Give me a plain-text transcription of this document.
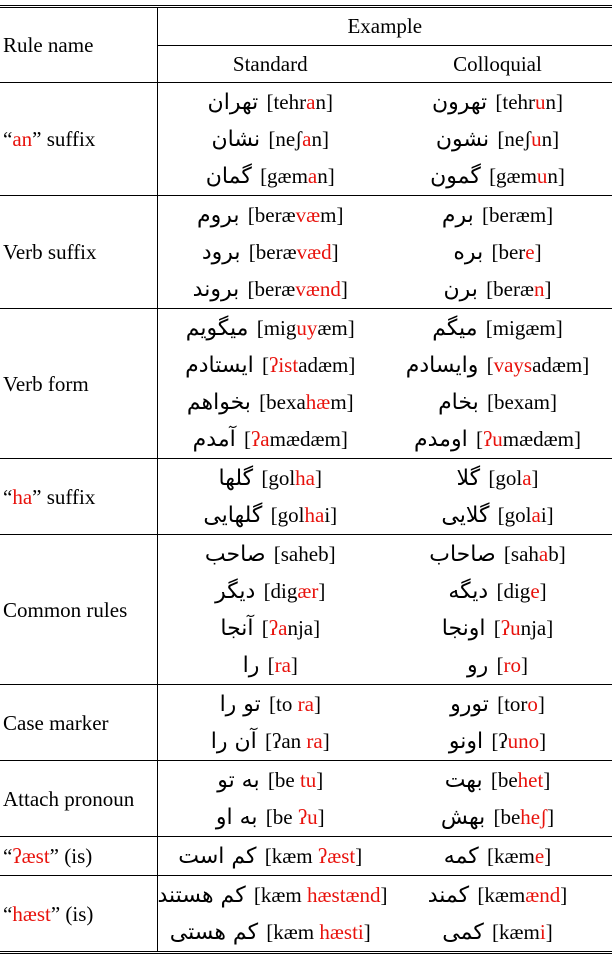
Rule name	Example	
	Standard	Colloquial
“an” suffix	تهران [tehran]	تهرون [tehrun]
	نشان [neʃan]	نشون [neʃun]
	گمان [gæman]	گمون [gæmun]
Verb suffix	بروم [berævæm]	برم [beræm]
	برود [berævæd]	بره [bere]
	بروند [berævænd]	برن [beræn]
Verb form	میگویم [miguyæm]	میگم [migæm]
	ایستادم [ʔistadæm]	وایسادم [vaysadæm]
	بخواهم [bexahæm]	بخام [bexam]
	آمدم [ʔamædæm]	اومدم [ʔumædæm]
“ha” suffix	گلها [golha]	گلا [gola]
	گلهایی [golhai]	گلایی [golai]
Common rules	صاحب [saheb]	صاحاب [sahab]
	دیگر [digær]	دیگه [dige]
	آنجا [ʔanja]	اونجا [ʔunja]
	را [ra]	رو [ro]
Case marker	تو را [to ra]	تورو [toro]
	آن را [ʔan ra]	اونو [ʔuno]
Attach pronoun	به تو [be tu]	بهت [behet]
	به او [be ʔu]	بهش [beheʃ]
“ʔæst” (is)	کم است [kæm ʔæst]	کمه [kæme]
“hæst” (is)	کم هستند [kæm hæstænd]	کمند [kæmænd]
	کم هستی [kæm hæsti]	کمی [kæmi]
